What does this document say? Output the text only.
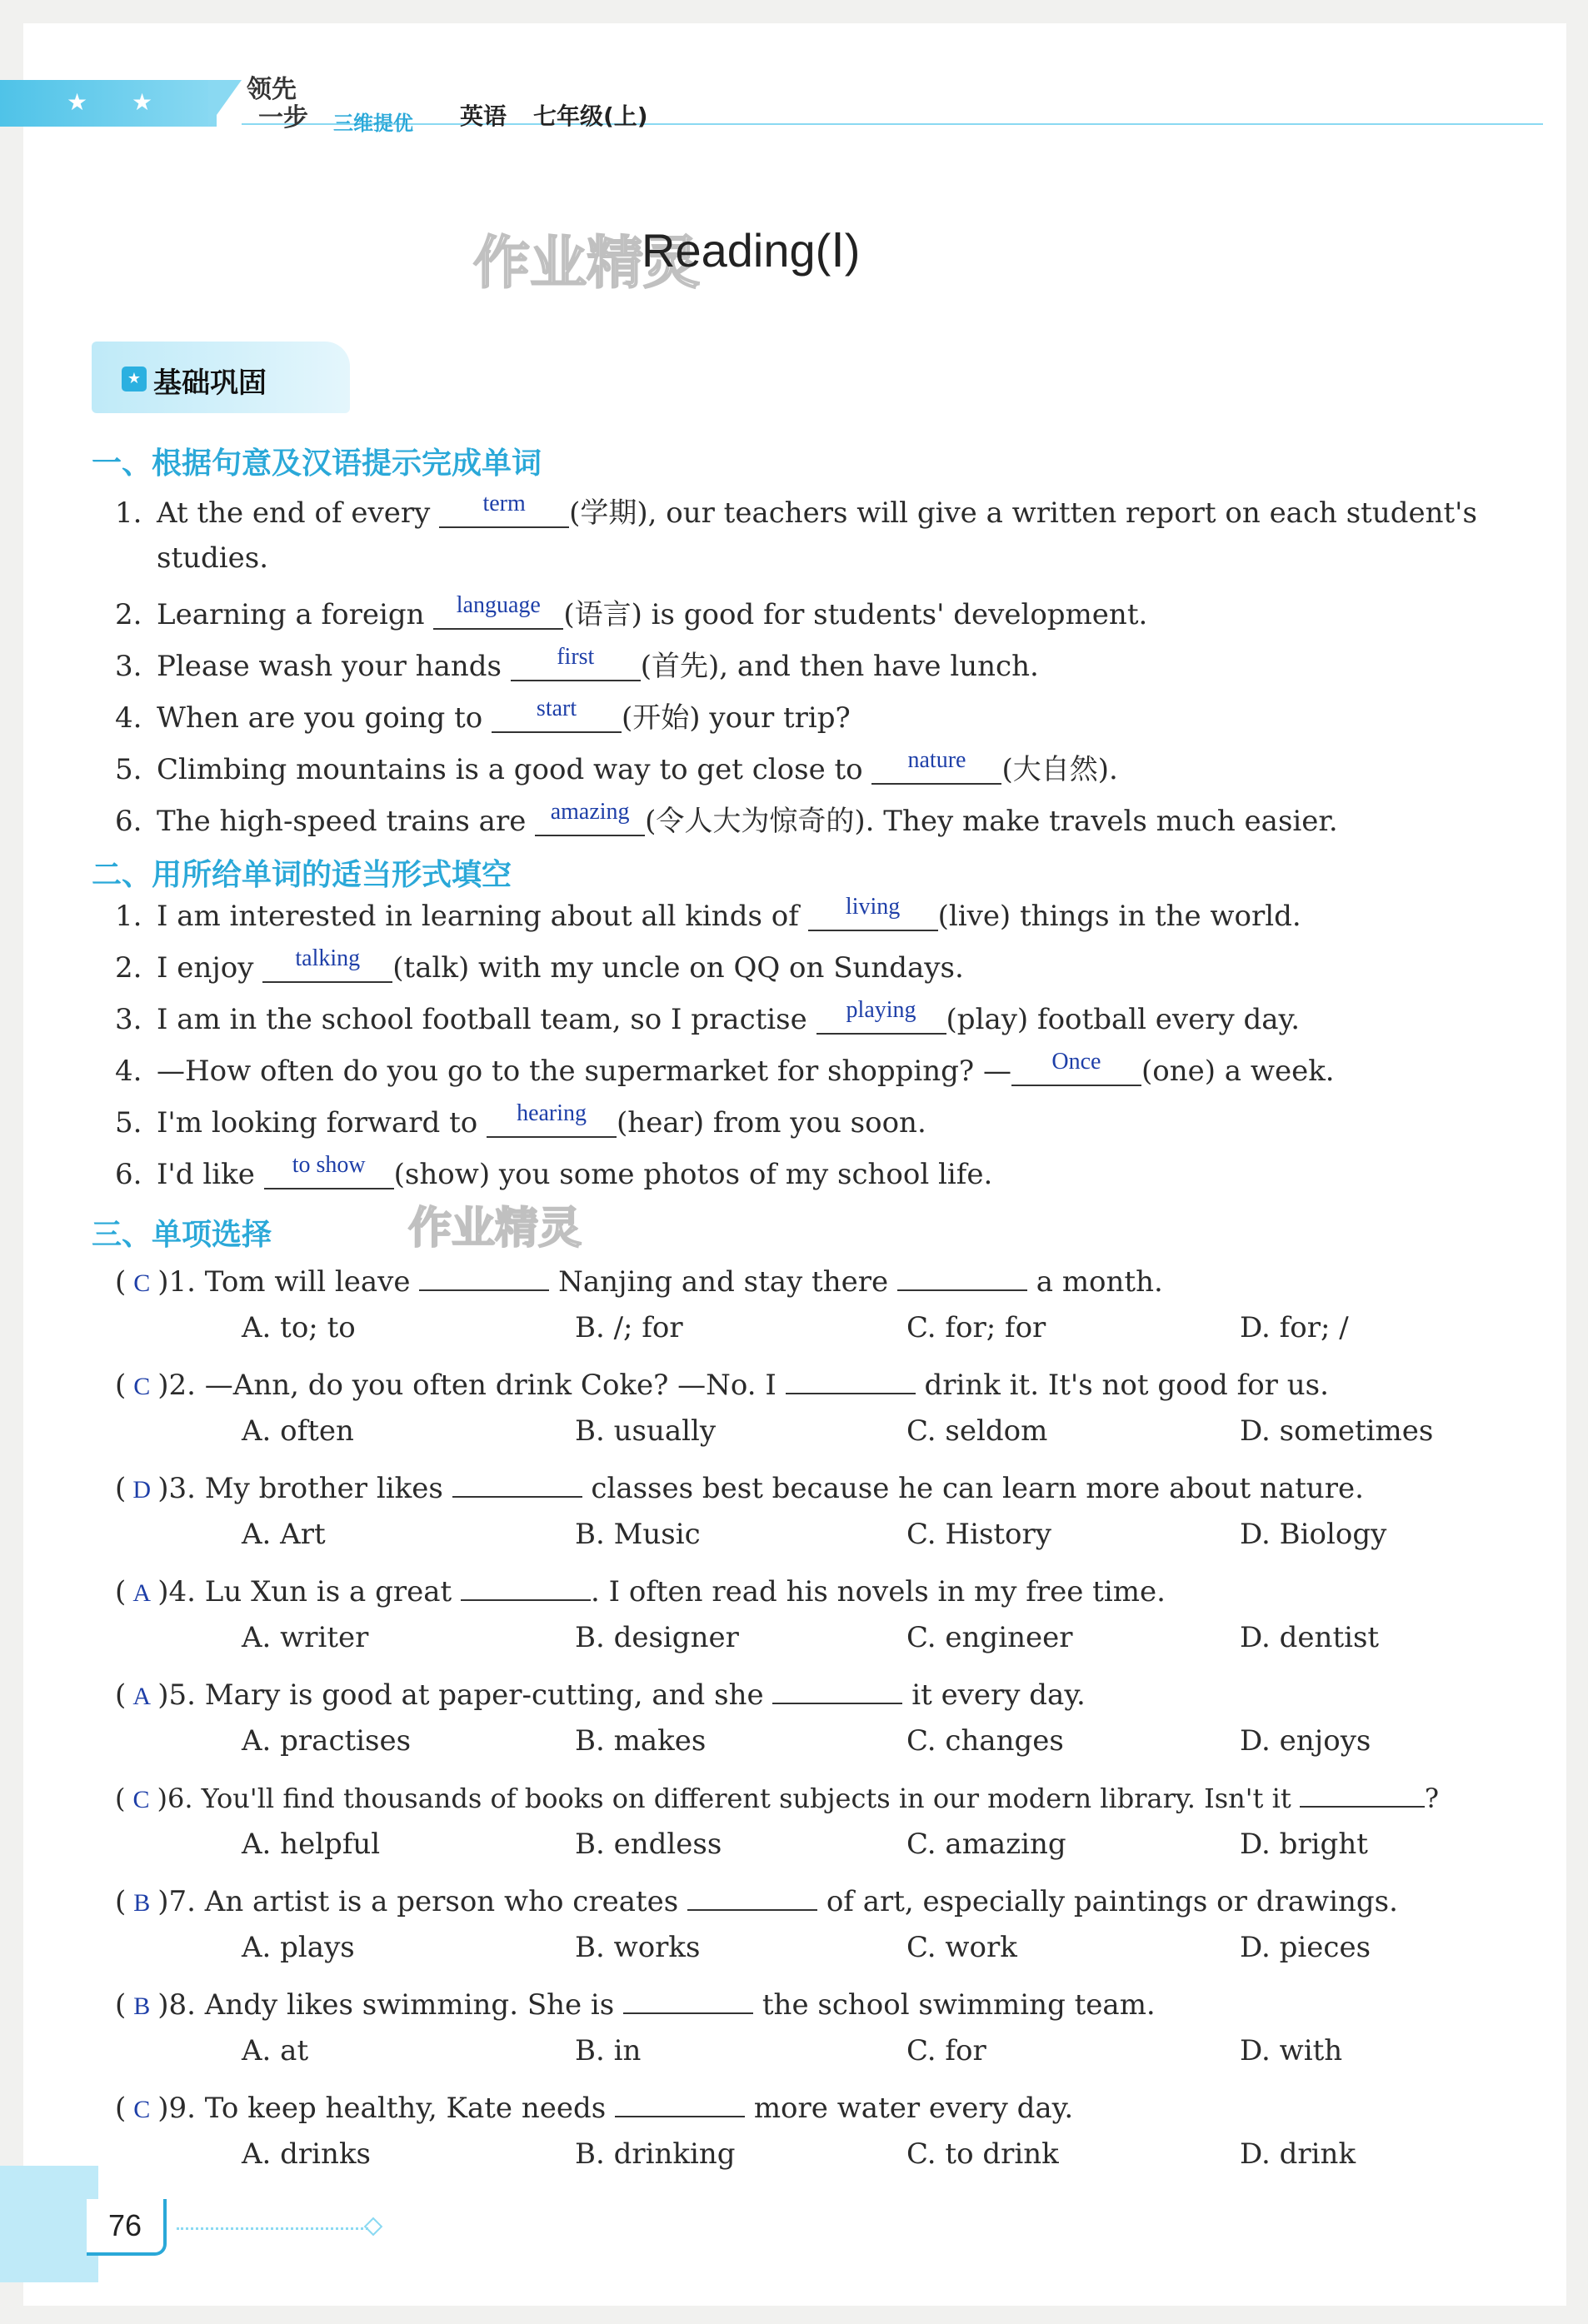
★ ★	领先
一步 三维提优 英语 七年级(上)
作业精灵
Reading(Ⅰ)
★ 基础巩固
一、根据句意及汉语提示完成单词
1. At the end of every $^{term}$ (学期), our teachers will give a written report on each student's
studies.
2. Learning a foreign $^{language}$ (语言) is good for students' development.
3. Please wash your hands $^{first}$ (首先), and then have lunch.
4. When are you going to $^{start}$ (开始) your trip?
5. Climbing mountains is a good way to get close to $^{nature}$ (大自然).
6. The high-speed trains are $^{amazing}$ (令人大为惊奇的). They make travels much easier.
二、用所给单词的适当形式填空
1. I am interested in learning about all kinds of $^{living}$ (live) things in the world.
2. I enjoy $^{talking}$ (talk) with my uncle on QQ on Sundays.
3. I am in the school football team, so I practise $^{playing}$ (play) football every day.
4. —How often do you go to the supermarket for shopping? — $^{Once}$ (one) a week.
5. I'm looking forward to $^{hearing}$ (hear) from you soon.
6. I'd like $^{to show}$ (show) you some photos of my school life.
三、单项选择	作业精灵
( C )1. Tom will leave	Nanjing and stay there	a month.
A. to; to	B. /; for	C. for; for	D. for; /
( C )2. —Ann, do you often drink Coke? —No. I	drink it. It's not good for us.
A. often	B. usually	C. seldom	D. sometimes
( D )3. My brother likes	classes best because he can learn more about nature.
A. Art	B. Music	C. History	D. Biology
( A )4. Lu Xun is a great	. I often read his novels in my free time.
A. writer	B. designer	C. engineer	D. dentist
( A )5. Mary is good at paper-cutting, and she	it every day.
A. practises	B. makes	C. changes	D. enjoys
( C )6. You'll find thousands of books on different subjects in our modern library. Isn't it	?
A. helpful	B. endless	C. amazing	D. bright
( B )7. An artist is a person who creates	of art, especially paintings or drawings.
A. plays	B. works	C. work	D. pieces
( B )8. Andy likes swimming. She is	the school swimming team.
A. at	B. in	C. for	D. with
( C )9. To keep healthy, Kate needs	more water every day.
A. drinks	B. drinking	C. to drink	D. drink
76
